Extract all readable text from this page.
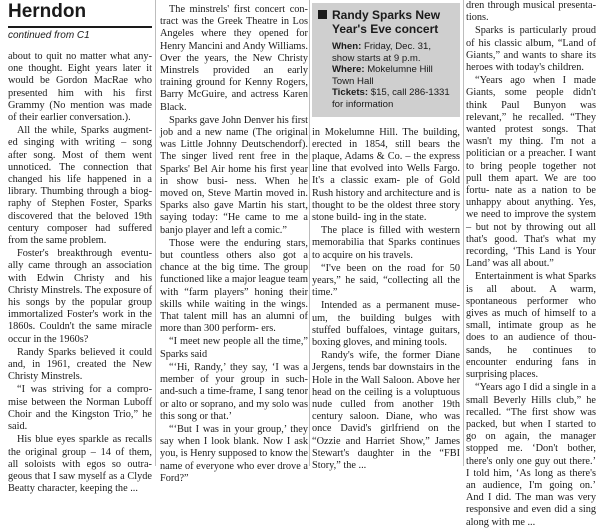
Herndon
continued from C1

about to quit no matter what any- one thought. Eight years later it would be Gordon MacRae who presented him with his first Grammy (No mention was made of their earlier conversation.).

All the while, Sparks augment- ed singing with writing – song after song. Most of them went unnoticed. The connection that changed his life happened in a library. Thumbing through a biog- raphy of Stephen Foster, Sparks discovered that the beloved 19th century composer had suffered from the same problem.

Foster's breakthrough eventu- ally came through an association with Edwin Christy and his Christy Minstrels. The exposure of his songs by the popular group immortalized Foster's work in the 1860s. Couldn't the same miracle occur in the 1960s?

Randy Sparks believed it could and, in 1961, created the New Christy Minstrels.

“I was striving for a compro- mise between the Norman Luboff Choir and the Kingston Trio,” he said.

His blue eyes sparkle as recalls the original group – 14 of them, all soloists with egos so outra- geous that I saw myself as a Clyde Beatty character, keeping the ...

The minstrels' first concert con- tract was the Greek Theatre in Los Angeles where they opened for Henry Mancini and Andy Williams. Over the years, the New Christy Minstrels provided an early training ground for Kenny Rogers, Barry McGuire, and actress Karen Black.

Sparks gave John Denver his first job and a new name (The original was Little Johnny Deutschendorf). The singer lived rent free in the Sparks' Bel Air home his first year in show busi- ness. When he moved on, Steve Martin moved in. Sparks also gave Martin his start, saying today: “He came to me a banjo player and left a comic.”

Those were the enduring stars, but countless others also got a chance at the big time. The group functioned like a major league team with “farm players” honing their skills while waiting in the wings. That talent mill has an alumni of more than 300 perform- ers.

“I meet new people all the time,” Sparks said

“‘Hi, Randy,’ they say, ‘I was a member of your group in such- and-such a time-frame, I sang tenor or alto or soprano, and my solo was this song or that.’

“‘But I was in your group,’ they say when I look blank. Now I ask you, is Henry supposed to know the name of everyone who ever drove a Ford?”

Randy Sparks New Year's Eve concert
When: Friday, Dec. 31, show starts at 9 p.m.
Where: Mokelumne Hill Town Hall
Tickets: $15, call 286-1331 for information

in Mokelumne Hill. The building, erected in 1854, still bears the plaque, Adams & Co. – the express line that evolved into Wells Fargo. It's a classic exam- ple of Gold Rush history and architecture and is thought to be the oldest three story stone build- ing in the state.

The place is filled with western memorabilia that Sparks continues to acquire on his travels.

“I've been on the road for 50 years,” he said, “collecting all the time.”

Intended as a permanent muse- um, the building bulges with stuffed buffaloes, vintage guitars, boxing gloves, and mining tools.

Randy's wife, the former Diane Jergens, tends bar downstairs in the Hole in the Wall Saloon. Above her head on the ceiling is a voluptuous nude culled from another 19th century saloon. Diane, who was once David's girlfriend on the “Ozzie and Harriet Show,” James Stewart's daughter in the “FBI Story,” the ...

dren through musical presenta- tions.

Sparks is particularly proud of his classic album, “Land of Giants,” and wants to share its heroes with today's children.

“Years ago when I made Giants, some people didn't think Paul Bunyon was relevant,” he recalled. “They wanted protest songs. That wasn't my thing. I'm not a politician or a preacher. I want to bring people together not pull them apart. We are too fortu- nate as a nation to be unhappy about anything. Yes, we need to improve the system – but not by throwing out all that's good. That's what my recording, ‘This Land is Your Land’ was all about.”

Entertainment is what Sparks is all about. A warm, spontaneous performer who gives as much of himself to a small, intimate group as he does to an audience of thou- sands, he continues to encounter enduring fans in surprising places.

“Years ago I did a single in a small Beverly Hills club,” he recalled. “The first show was packed, but when I started to go on again, the manager stopped me. ‘Don't bother, there's only one guy out there.’ I told him, ‘As long as there's an audience, I'm going on.’ And I did. The man was very responsive and even did a sing along with me ...
